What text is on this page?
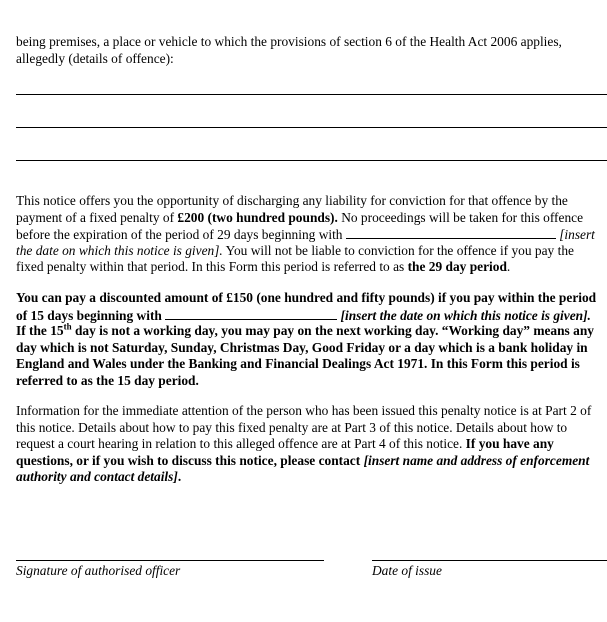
being premises, a place or vehicle to which the provisions of section 6 of the Health Act 2006 applies,
allegedly (details of offence):
This notice offers you the opportunity of discharging any liability for conviction for that offence by the
payment of a fixed penalty of £200 (two hundred pounds). No proceedings will be taken for this offence
before the expiration of the period of 29 days beginning with	[insert
the date on which this notice is given]. You will not be liable to conviction for the offence if you pay the
fixed penalty within that period. In this Form this period is referred to as the 29 day period.
You can pay a discounted amount of £150 (one hundred and fifty pounds) if you pay within the period
of 15 days beginning with	[insert the date on which this notice is given].
If the 15th day is not a working day, you may pay on the next working day. “Working day” means any
day which is not Saturday, Sunday, Christmas Day, Good Friday or a day which is a bank holiday in
England and Wales under the Banking and Financial Dealings Act 1971. In this Form this period is
referred to as the 15 day period.
Information for the immediate attention of the person who has been issued this penalty notice is at Part 2 of
this notice. Details about how to pay this fixed penalty are at Part 3 of this notice. Details about how to
request a court hearing in relation to this alleged offence are at Part 4 of this notice. If you have any
questions, or if you wish to discuss this notice, please contact [insert name and address of enforcement
authority and contact details].
Signature of authorised officer	Date of issue
